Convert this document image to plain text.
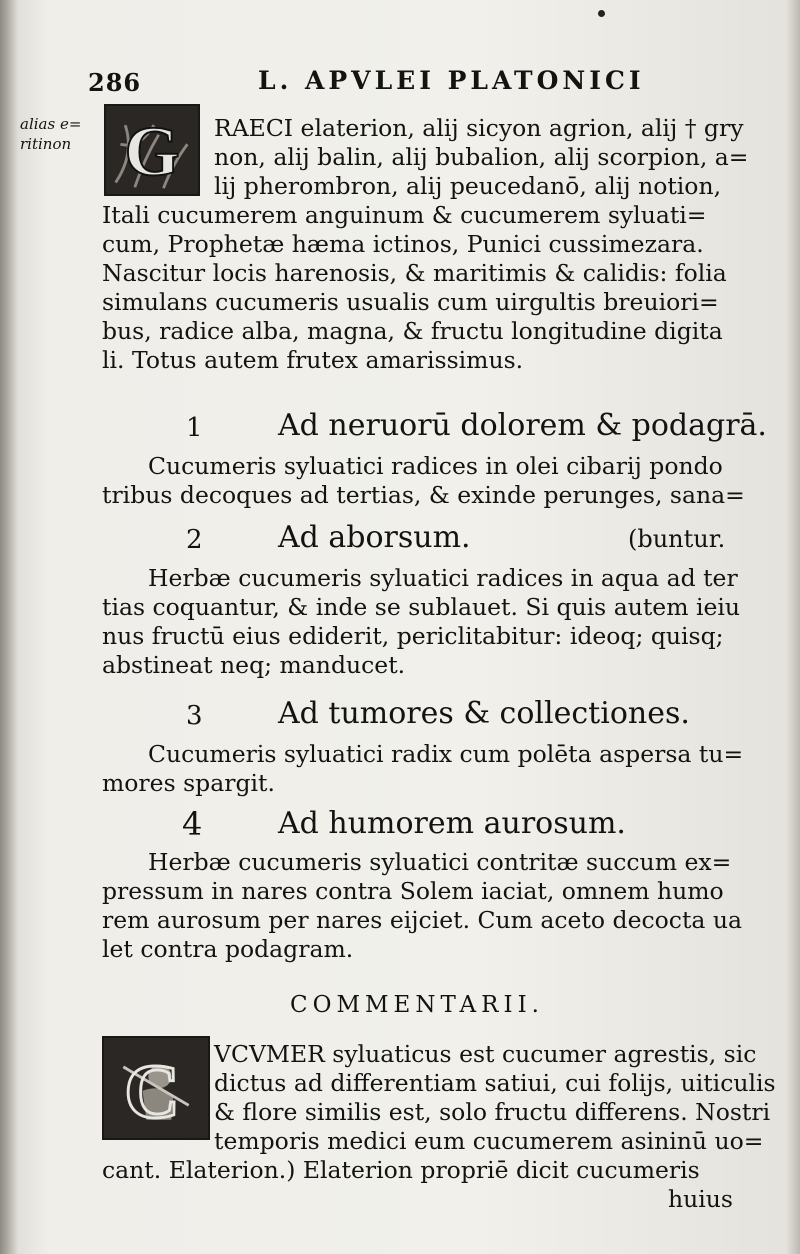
286	L. APVLEI PLATONICI
alias e=
ritinon G	RAECI elaterion, alij sicyon agrion, alij † gry
non, alij balin, alij bubalion, alij scorpion, a=
lij pherombron, alij peucedanō, alij notion,
Itali cucumerem anguinum & cucumerem syluati=
cum, Prophetæ hæma ictinos, Punici cussimezara.
Nascitur locis harenosis, & maritimis & calidis: folia
simulans cucumeris usualis cum uirgultis breuiori=
bus, radice alba, magna, & fructu longitudine digita
li. Totus autem frutex amarissimus.
1	Ad neruorū dolorem & podagrā.
Cucumeris syluatici radices in olei cibarij pondo
tribus decoques ad tertias, & exinde perunges, sana=
2	Ad aborsum.	(buntur.
Herbæ cucumeris syluatici radices in aqua ad ter
tias coquantur, & inde se sublauet. Si quis autem ieiu
nus fructū eius ediderit, periclitabitur: ideoq; quisq;
abstineat neq; manducet.
3	Ad tumores & collectiones.
Cucumeris syluatici radix cum polēta aspersa tu=
mores spargit.
4	Ad humorem aurosum.
Herbæ cucumeris syluatici contritæ succum ex=
pressum in nares contra Solem iaciat, omnem humo
rem aurosum per nares eijciet. Cum aceto decocta ua
let contra podagram.
COMMENTARII.
C	VCVMER syluaticus est cucumer agrestis, sic
dictus ad differentiam satiui, cui folijs, uiticulis
& flore similis est, solo fructu differens. Nostri
temporis medici eum cucumerem asininū uo=
cant. Elaterion.) Elaterion propriē dicit cucumeris
huius
